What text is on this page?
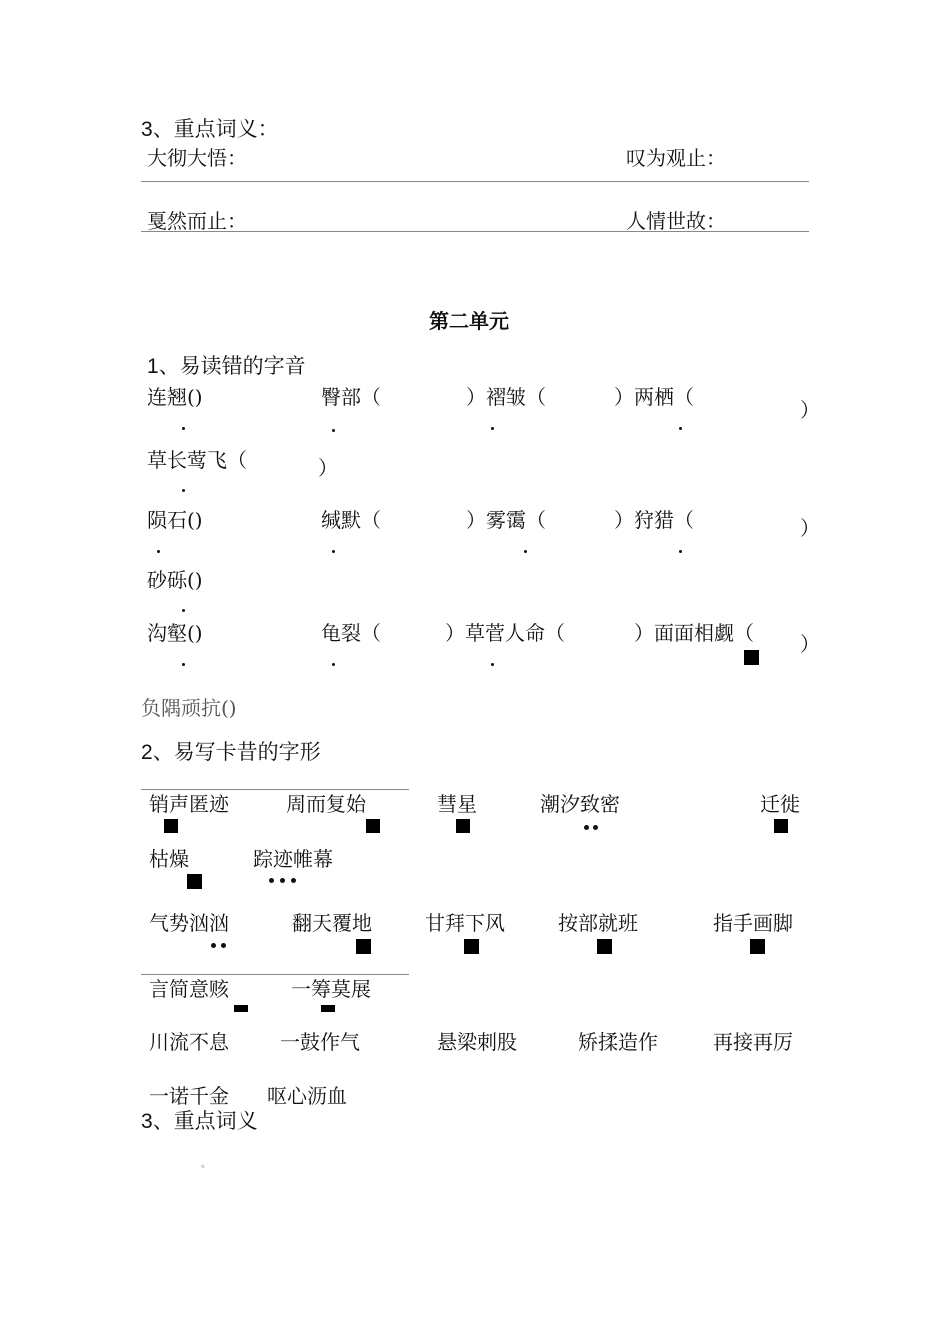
3、重点词义：
大彻大悟：	叹为观止：
戛然而止：	人情世故：
第二单元
1、易读错的字音
连翘()	臀部（	）褶皱（	）两栖（
）
草长莺飞（	）
陨石()	缄默（	）雾霭（	）狩猎（	）
砂砾()
沟壑()	龟裂（	）草菅人命（	）面面相觑（ ）
负隅顽抗()
2、易写卡昔的字形
销声匿迹	周而复始	彗星	潮汐致密	迁徙
枯燥	踪迹帷幕
气势汹汹	翻天覆地	甘拜下风	按部就班	指手画脚
言简意赅	一筹莫展
川流不息	一鼓作气	悬梁刺股	矫揉造作	再接再厉
一诺千金 呕心沥血
3、重点词义
。
